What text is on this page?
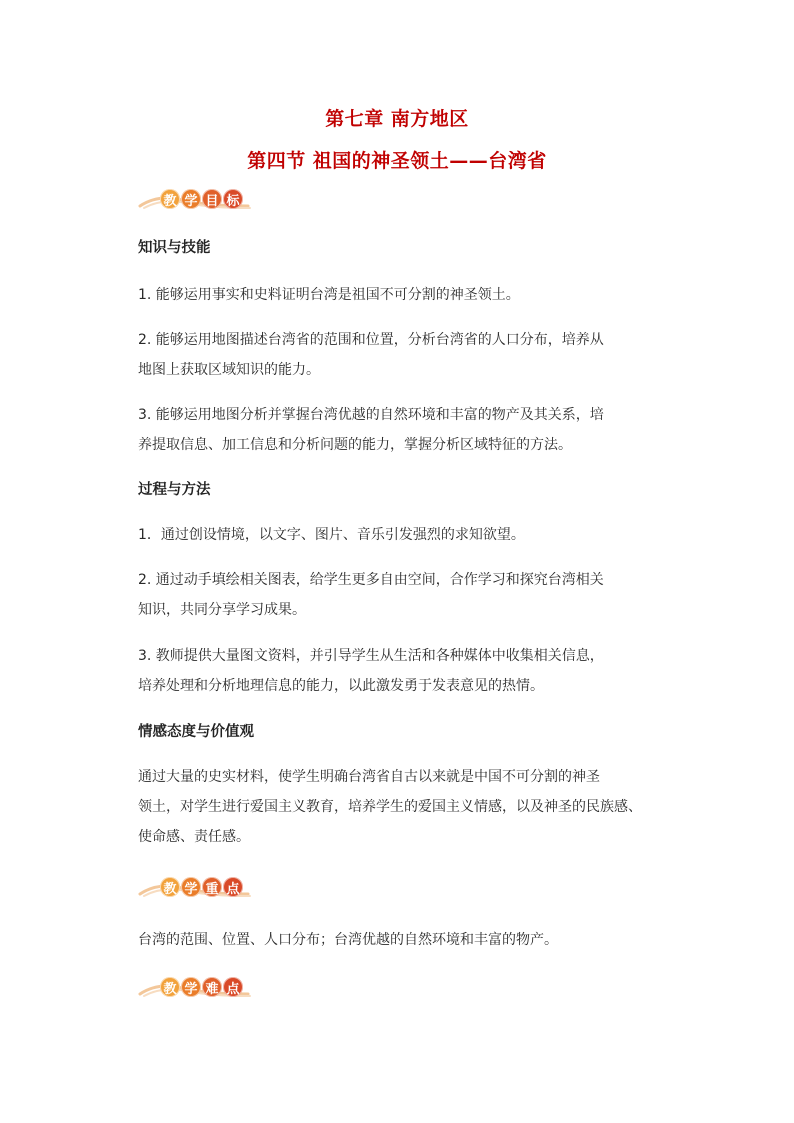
第七章 南方地区
第四节 祖国的神圣领土——台湾省
教 学 目 标
知识与技能
1. 能够运用事实和史料证明台湾是祖国不可分割的神圣领土。
2. 能够运用地图描述台湾省的范围和位置，分析台湾省的人口分布，培养从
地图上获取区域知识的能力。
3. 能够运用地图分析并掌握台湾优越的自然环境和丰富的物产及其关系，培
养提取信息、加工信息和分析问题的能力，掌握分析区域特征的方法。
过程与方法
1．通过创设情境，以文字、图片、音乐引发强烈的求知欲望。
2. 通过动手填绘相关图表，给学生更多自由空间，合作学习和探究台湾相关
知识，共同分享学习成果。
3. 教师提供大量图文资料，并引导学生从生活和各种媒体中收集相关信息，
培养处理和分析地理信息的能力，以此激发勇于发表意见的热情。
情感态度与价值观
通过大量的史实材料，使学生明确台湾省自古以来就是中国不可分割的神圣
领土，对学生进行爱国主义教育，培养学生的爱国主义情感，以及神圣的民族感、
使命感、责任感。
教 学 重 点
台湾的范围、位置、人口分布；台湾优越的自然环境和丰富的物产。
教 学 难 点
